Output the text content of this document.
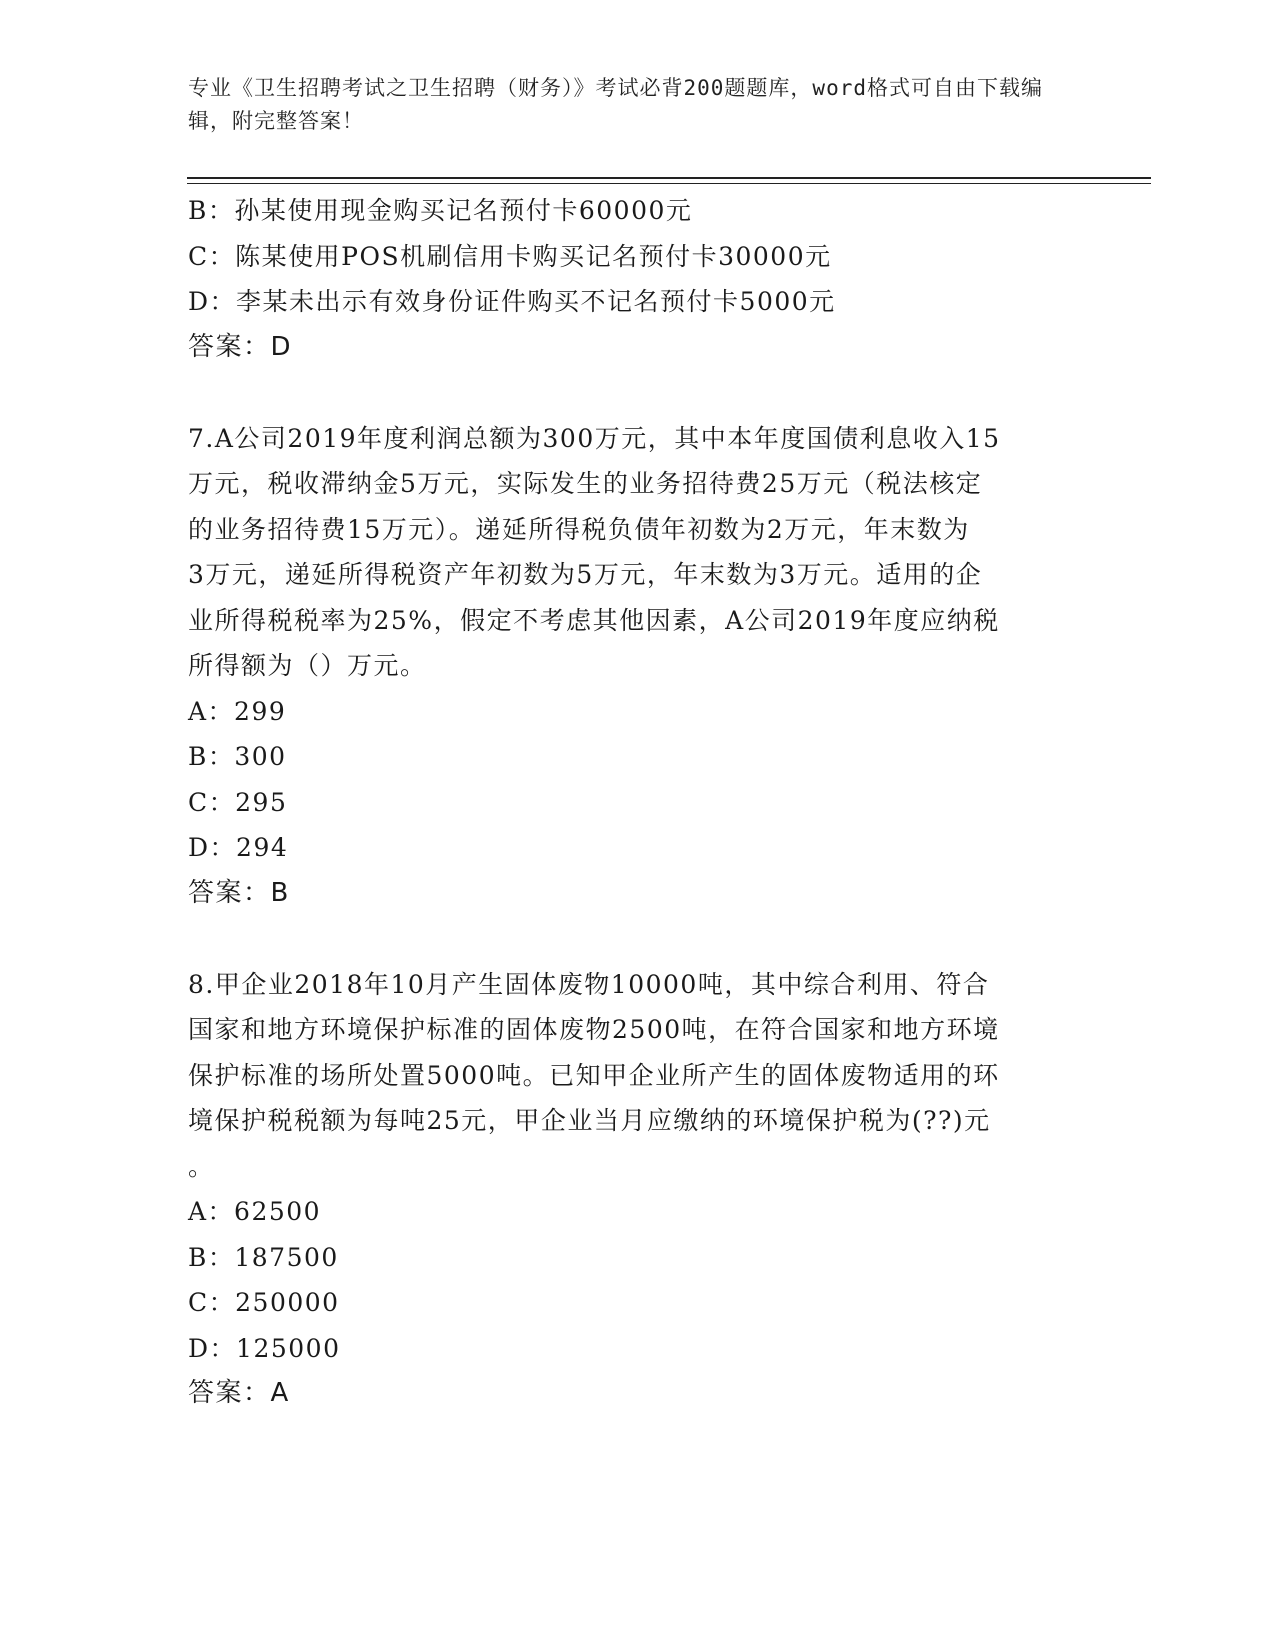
专业《卫生招聘考试之卫生招聘（财务）》考试必背200题题库，word格式可自由下载编辑，附完整答案！
B：孙某使用现金购买记名预付卡60000元
C：陈某使用POS机刷信用卡购买记名预付卡30000元
D：李某未出示有效身份证件购买不记名预付卡5000元
答案：D
7.A公司2019年度利润总额为300万元，其中本年度国债利息收入15
万元，税收滞纳金5万元，实际发生的业务招待费25万元（税法核定
的业务招待费15万元）。递延所得税负债年初数为2万元，年末数为
3万元，递延所得税资产年初数为5万元，年末数为3万元。适用的企
业所得税税率为25%，假定不考虑其他因素，A公司2019年度应纳税
所得额为（）万元。
A：299
B：300
C：295
D：294
答案：B
8.甲企业2018年10月产生固体废物10000吨，其中综合利用、符合
国家和地方环境保护标准的固体废物2500吨，在符合国家和地方环境
保护标准的场所处置5000吨。已知甲企业所产生的固体废物适用的环
境保护税税额为每吨25元，甲企业当月应缴纳的环境保护税为(??)元
。
A：62500
B：187500
C：250000
D：125000
答案：A
